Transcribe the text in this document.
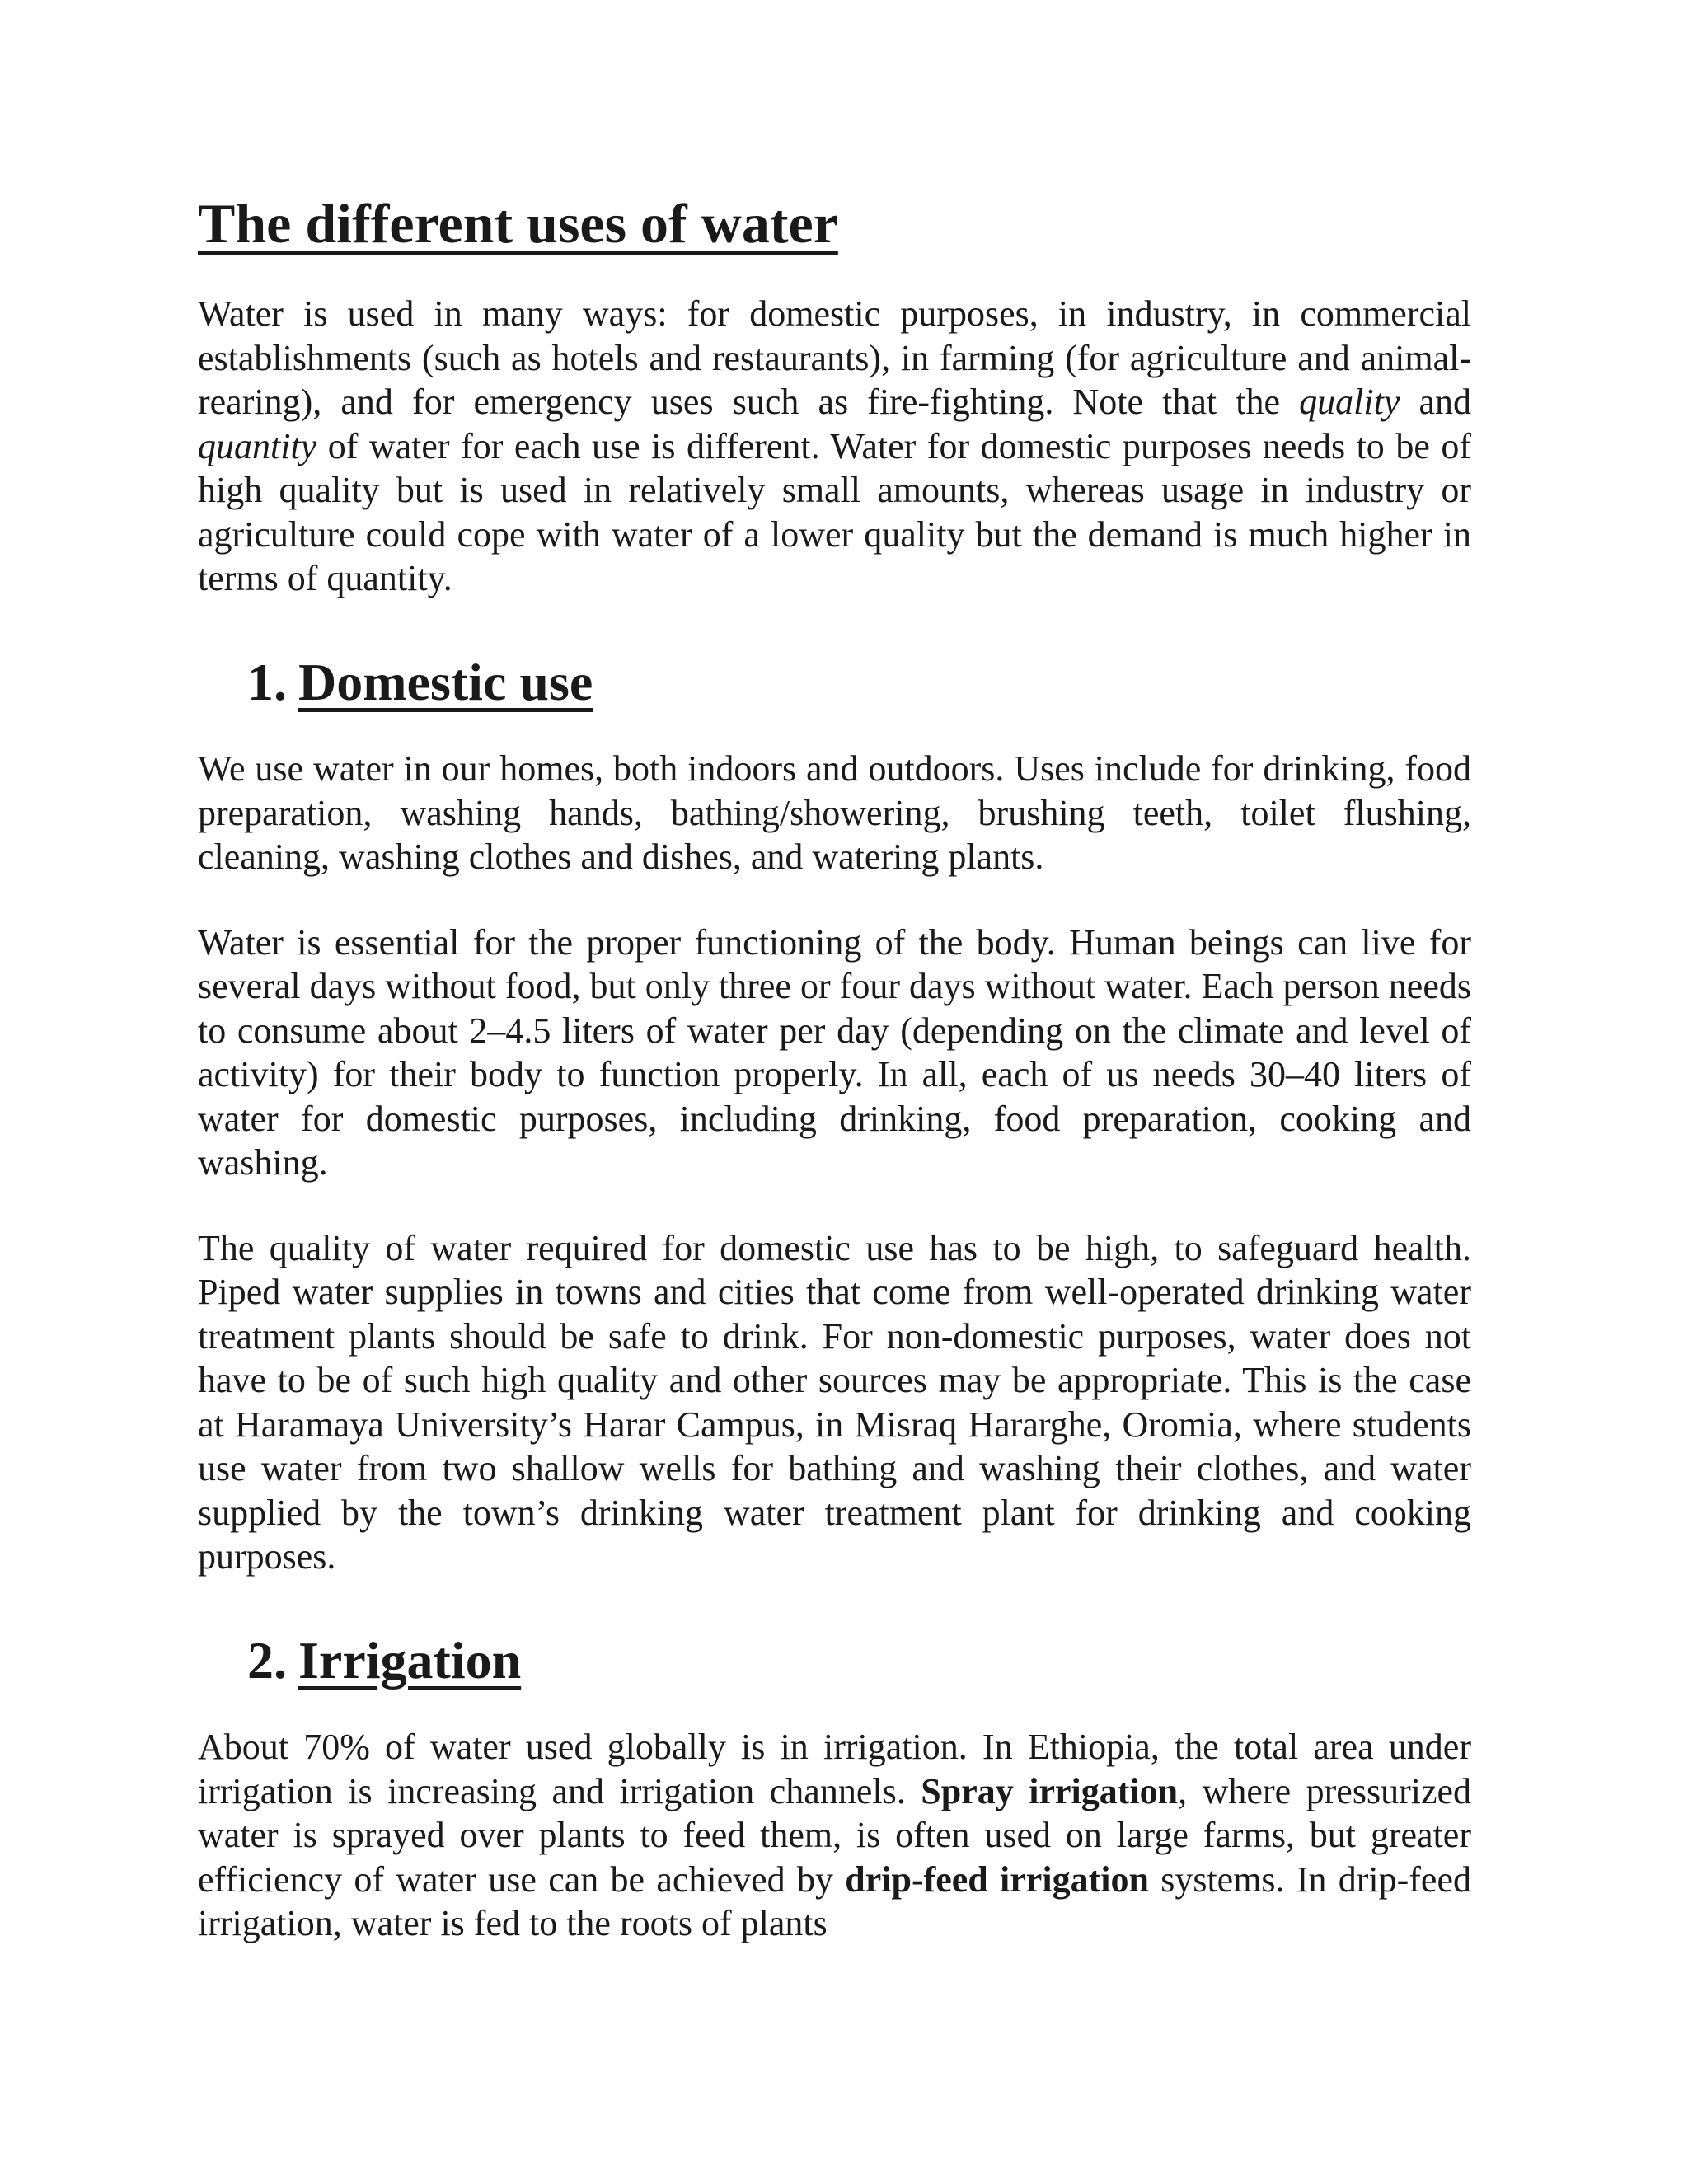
The different uses of water

Water is used in many ways: for domestic purposes, in industry, in commercial establishments (such as hotels and restaurants), in farming (for agriculture and animal-rearing), and for emergency uses such as fire-fighting. Note that the quality and quantity of water for each use is different. Water for domestic purposes needs to be of high quality but is used in relatively small amounts, whereas usage in industry or agriculture could cope with water of a lower quality but the demand is much higher in terms of quantity.

1. Domestic use

We use water in our homes, both indoors and outdoors. Uses include for drinking, food preparation, washing hands, bathing/showering, brushing teeth, toilet flushing, cleaning, washing clothes and dishes, and watering plants.

Water is essential for the proper functioning of the body. Human beings can live for several days without food, but only three or four days without water. Each person needs to consume about 2–4.5 liters of water per day (depending on the climate and level of activity) for their body to function properly. In all, each of us needs 30–40 liters of water for domestic purposes, including drinking, food preparation, cooking and washing.

The quality of water required for domestic use has to be high, to safeguard health. Piped water supplies in towns and cities that come from well-operated drinking water treatment plants should be safe to drink. For non-domestic purposes, water does not have to be of such high quality and other sources may be appropriate. This is the case at Haramaya University’s Harar Campus, in Misraq Hararghe, Oromia, where students use water from two shallow wells for bathing and washing their clothes, and water supplied by the town’s drinking water treatment plant for drinking and cooking purposes.

2. Irrigation

About 70% of water used globally is in irrigation. In Ethiopia, the total area under irrigation is increasing and irrigation channels. Spray irrigation, where pressurized water is sprayed over plants to feed them, is often used on large farms, but greater efficiency of water use can be achieved by drip-feed irrigation systems. In drip-feed irrigation, water is fed to the roots of plants
